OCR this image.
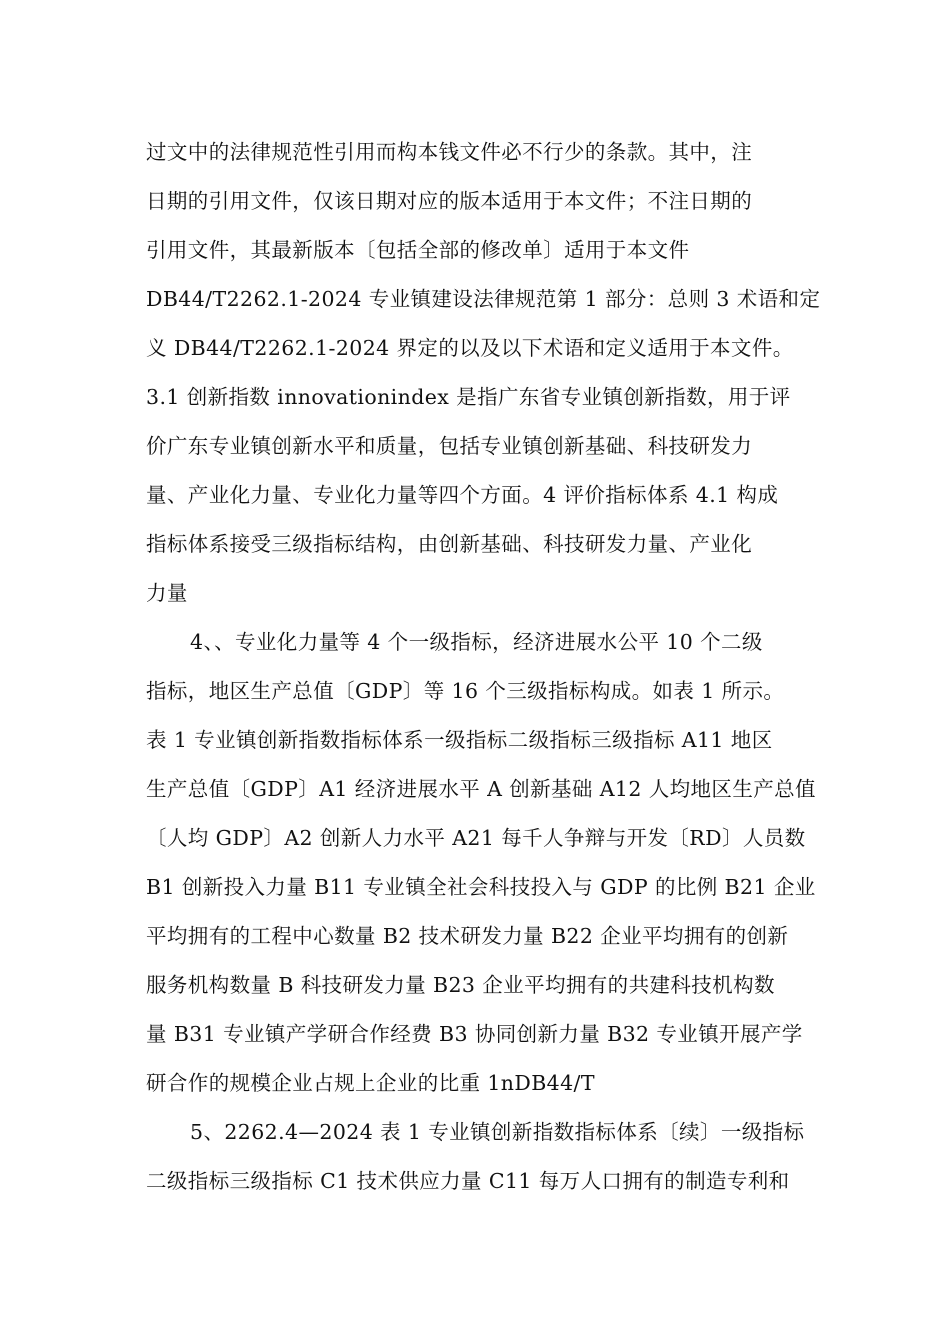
过文中的法律规范性引用而构本钱文件必不行少的条款。其中，注
日期的引用文件，仅该日期对应的版本适用于本文件；不注日期的
引用文件，其最新版本〔包括全部的修改单〕适用于本文件
DB44/T2262.1-2024 专业镇建设法律规范第 1 部分：总则 3 术语和定
义 DB44/T2262.1-2024 界定的以及以下术语和定义适用于本文件。
3.1 创新指数 innovationindex 是指广东省专业镇创新指数，用于评
价广东专业镇创新水平和质量，包括专业镇创新基础、科技研发力
量、产业化力量、专业化力量等四个方面。4 评价指标体系 4.1 构成
指标体系接受三级指标结构，由创新基础、科技研发力量、产业化
力量
4、、专业化力量等 4 个一级指标，经济进展水公平 10 个二级
指标，地区生产总值〔GDP〕等 16 个三级指标构成。如表 1 所示。
表 1 专业镇创新指数指标体系一级指标二级指标三级指标 A11 地区
生产总值〔GDP〕A1 经济进展水平 A 创新基础 A12 人均地区生产总值
〔人均 GDP〕A2 创新人力水平 A21 每千人争辩与开发〔RD〕人员数
B1 创新投入力量 B11 专业镇全社会科技投入与 GDP 的比例 B21 企业
平均拥有的工程中心数量 B2 技术研发力量 B22 企业平均拥有的创新
服务机构数量 B 科技研发力量 B23 企业平均拥有的共建科技机构数
量 B31 专业镇产学研合作经费 B3 协同创新力量 B32 专业镇开展产学
研合作的规模企业占规上企业的比重 1nDB44/T
5、2262.4—2024 表 1 专业镇创新指数指标体系〔续〕一级指标
二级指标三级指标 C1 技术供应力量 C11 每万人口拥有的制造专利和
